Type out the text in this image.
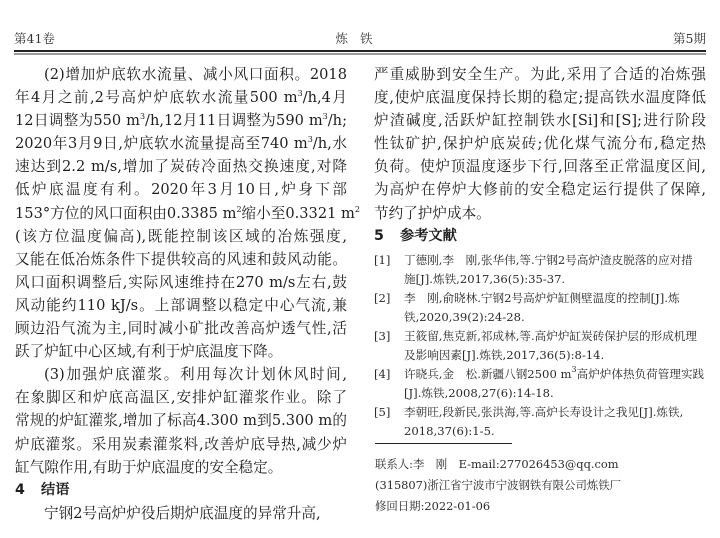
第41卷	炼铁	第5期

(2)增加炉底软水流量、减小风口面积。2018
年4月之前,2号高炉炉底软水流量500 $m^3/h,4$月
12日调整为550 $m^3/h,12$月11日调整为590 $m^3/h$;
2020年3月9日,炉底软水流量提高至740 $m^3/h$,水
速达到2.2 m/s,增加了炭砖冷面热交换速度,对降
低炉底温度有利。2020年3月10日,炉身下部
153°方位的风口面积由0.3385 $m^2$缩小至0.3321 $m^2$
(该方位温度偏高),既能控制该区域的冶炼强度,
又能在低冶炼条件下提供较高的风速和鼓风动能。
风口面积调整后,实际风速维持在270 m/s左右,鼓
风动能约110 kJ/s。上部调整以稳定中心气流,兼
顾边沿气流为主,同时减小矿批改善高炉透气性,活
跃了炉缸中心区域,有利于炉底温度下降。

(3)加强炉底灌浆。利用每次计划休风时间,
在象脚区和炉底高温区,安排炉缸灌浆作业。除了
常规的炉缸灌浆,增加了标高4.300 m到5.300 m的
炉底灌浆。采用炭素灌浆料,改善炉底导热,减少炉
缸气隙作用,有助于炉底温度的安全稳定。

4 结语

宁钢2号高炉炉役后期炉底温度的异常升高,

严重威胁到安全生产。为此,采用了合适的冶炼强
度,使炉底温度保持长期的稳定;提高铁水温度降低
炉渣碱度,活跃炉缸控制铁水[Si]和[S];进行阶段
性钛矿护,保护炉底炭砖;优化煤气流分布,稳定热
负荷。使炉顶温度逐步下行,回落至正常温度区间,
为高炉在停炉大修前的安全稳定运行提供了保障,
节约了护炉成本。

5 参考文献
[1] 丁德刚,李　刚,张华伟,等.宁钢2号高炉渣皮脱落的应对措
施[J].炼铁,2017,36(5):35-37.
[2] 李　刚,俞晓林.宁钢2号高炉炉缸侧壁温度的控制[J].炼
铁,2020,39(2):24-28.
[3] 王筱留,焦克新,祁成林,等.高炉炉缸炭砖保护层的形成机理
及影响因素[J].炼铁,2017,36(5):8-14.
[4] 许晓兵,金　松.新疆八钢2500 $m^3$高炉炉体热负荷管理实践
[J].炼铁,2008,27(6):14-18.
[5] 李朝旺,段新民,张洪海,等.高炉长寿设计之我见[J].炼铁,
2018,37(6):1-5.
联系人:李　刚　E-mail:277026453@qq.com
(315807)浙江省宁波市宁波钢铁有限公司炼铁厂
修回日期:2022-01-06
